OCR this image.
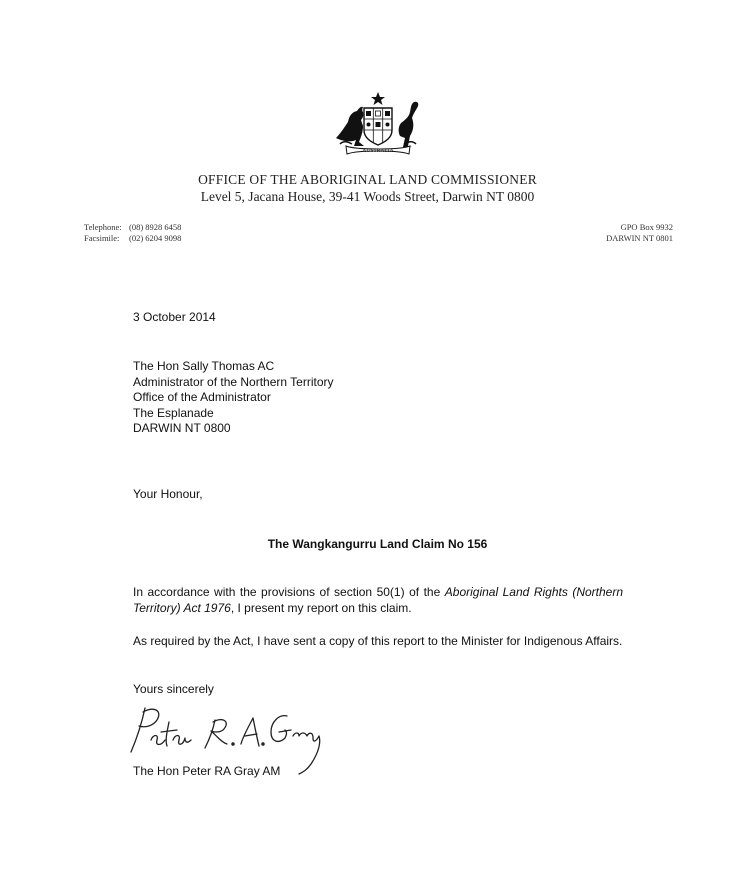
AUSTRALIA
OFFICE OF THE ABORIGINAL LAND COMMISSIONER
Level 5, Jacana House, 39-41 Woods Street, Darwin NT 0800
Telephone: (08) 8928 6458
Facsimile:	(02) 6204 9098
GPO Box 9932
DARWIN NT 0801
3 October 2014
The Hon Sally Thomas AC
Administrator of the Northern Territory
Office of the Administrator
The Esplanade
DARWIN NT 0800
Your Honour,
The Wangkangurru Land Claim No 156
In accordance with the provisions of section 50(1) of the Aboriginal Land Rights (Northern Territory) Act 1976, I present my report on this claim.
As required by the Act, I have sent a copy of this report to the Minister for Indigenous Affairs.
Yours sincerely
The Hon Peter RA Gray AM
